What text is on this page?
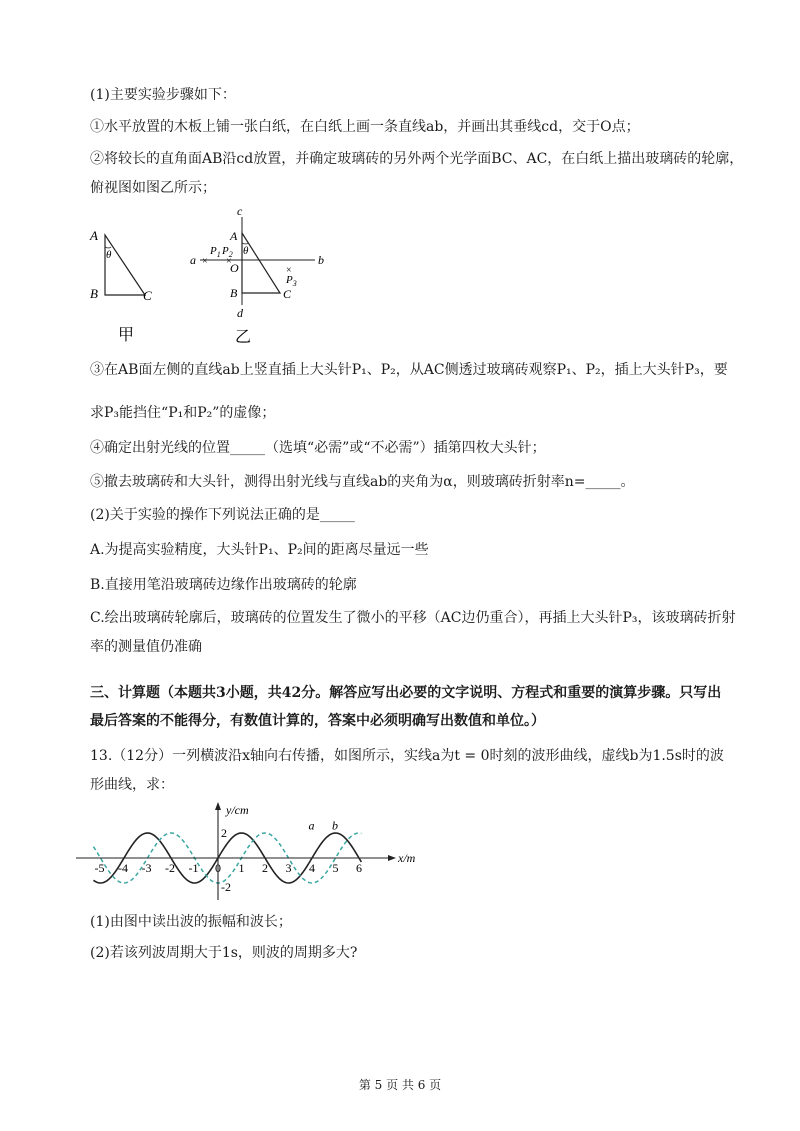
(1)主要实验步骤如下：
①水平放置的木板上铺一张白纸，在白纸上画一条直线ab，并画出其垂线cd，交于O点；
②将较长的直角面AB沿cd放置，并确定玻璃砖的另外两个光学面BC、AC，在白纸上描出玻璃砖的轮廓，
俯视图如图乙所示；
A
θ
B	C
甲
c
A
θ
$P_1$ $P_2$
a × ×
O
b
×
$P_3$
B	C
d
乙
③在AB面左侧的直线ab上竖直插上大头针P₁、P₂，从AC侧透过玻璃砖观察P₁、P₂，插上大头针P₃，要
求P₃能挡住“P₁和P₂”的虚像；
④确定出射光线的位置_____（选填“必需”或“不必需”）插第四枚大头针；
⑤撤去玻璃砖和大头针，测得出射光线与直线ab的夹角为α，则玻璃砖折射率n=_____。
(2)关于实验的操作下列说法正确的是_____
A.为提高实验精度，大头针P₁、P₂间的距离尽量远一些
B.直接用笔沿玻璃砖边缘作出玻璃砖的轮廓
C.绘出玻璃砖轮廓后，玻璃砖的位置发生了微小的平移（AC边仍重合），再插上大头针P₃，该玻璃砖折射
率的测量值仍准确
三、计算题（本题共3小题，共42分。解答应写出必要的文字说明、方程式和重要的演算步骤。只写出
最后答案的不能得分，有数值计算的，答案中必须明确写出数值和单位。）
13.（12分）一列横波沿x轴向右传播，如图所示，实线a为t = 0时刻的波形曲线，虚线b为1.5s时的波
形曲线，求：
y/cm
x/m
-5 -4 -3 -2 -1 0 1 2 3 4 5 6
2
-2
a b
(1)由图中读出波的振幅和波长；
(2)若该列波周期大于1s，则波的周期多大?
第 5 页 共 6 页
